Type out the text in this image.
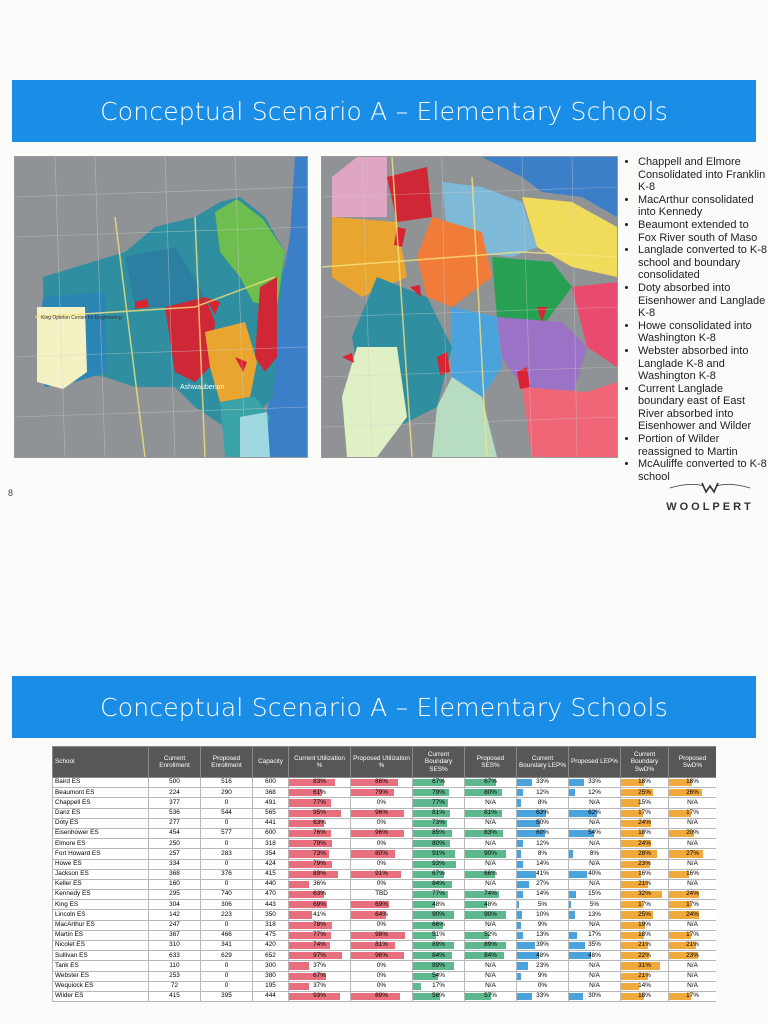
Conceptual Scenario A – Elementary Schools
Ashwaubenon
King Opleton Center for Engineering
• Chappell and Elmore Consolidated into Franklin K-8
• MacArthur consolidated into Kennedy
• Beaumont extended to Fox River south of Maso
• Langlade converted to K-8 school and boundary consolidated
• Doty absorbed into Eisenhower and Langlade K-8
• Howe consolidated into Washington K-8
• Webster absorbed into Langlade K-8 and Washington K-8
• Current Langlade boundary east of East River absorbed into Eisenhower and Wilder
• Portion of Wilder reassigned to Martin
• McAuliffe converted to K-8 school
8
WOOLPERT
Conceptual Scenario A – Elementary Schools
School	Current Enrollment	Proposed Enrollment	Capacity	Current Utilization %	Proposed Utilization %	Current Boundary SES%	Proposed SES%	Current Boundary LEP%	Proposed LEP%	Current Boundary SwD%	Proposed SwD%
Baird ES	500	516	600	83%	86%	67%	67%	33%	33%	18%	18%
Beaumont ES	224	290	368	61%	79%	79%	80%	12%	12%	25%	26%
Chappell ES	377	0	491	77%	0%	77%	N/A	8%	N/A	15%	N/A
Danz ES	536	544	565	95%	96%	81%	81%	63%	62%	17%	17%
Doty ES	277	0	441	63%	0%	73%	N/A	50%	N/A	24%	N/A
Eisenhower ES	454	577	600	76%	96%	85%	83%	60%	54%	18%	20%
Elmore ES	250	0	318	79%	0%	80%	N/A	12%	N/A	24%	N/A
Fort Howard ES	257	283	354	73%	80%	91%	90%	8%	8%	28%	27%
Howe ES	334	0	424	79%	0%	93%	N/A	14%	N/A	23%	N/A
Jackson ES	368	376	415	89%	91%	67%	66%	41%	40%	16%	16%
Keller ES	160	0	440	36%	0%	84%	N/A	27%	N/A	21%	N/A
Kennedy ES	295	740	470	63%	TBD	77%	74%	14%	15%	32%	24%
King ES	304	306	443	69%	69%	48%	48%	5%	5%	17%	17%
Lincoln ES	142	223	350	41%	64%	90%	90%	10%	13%	25%	24%
MacArthur ES	247	0	318	78%	0%	66%	N/A	9%	N/A	19%	N/A
Martin ES	367	466	475	77%	98%	51%	52%	13%	17%	18%	17%
Nicolet ES	310	341	420	74%	81%	89%	89%	39%	35%	21%	21%
Sullivan ES	633	629	652	97%	96%	84%	84%	48%	48%	22%	23%
Tank ES	110	0	300	37%	0%	89%	N/A	23%	N/A	31%	N/A
Webster ES	253	0	380	67%	0%	54%	N/A	9%	N/A	21%	N/A
Wequiock ES	72	0	195	37%	0%	17%	N/A	0%	N/A	14%	N/A
Wilder ES	415	395	444	93%	89%	58%	57%	33%	30%	18%	17%
